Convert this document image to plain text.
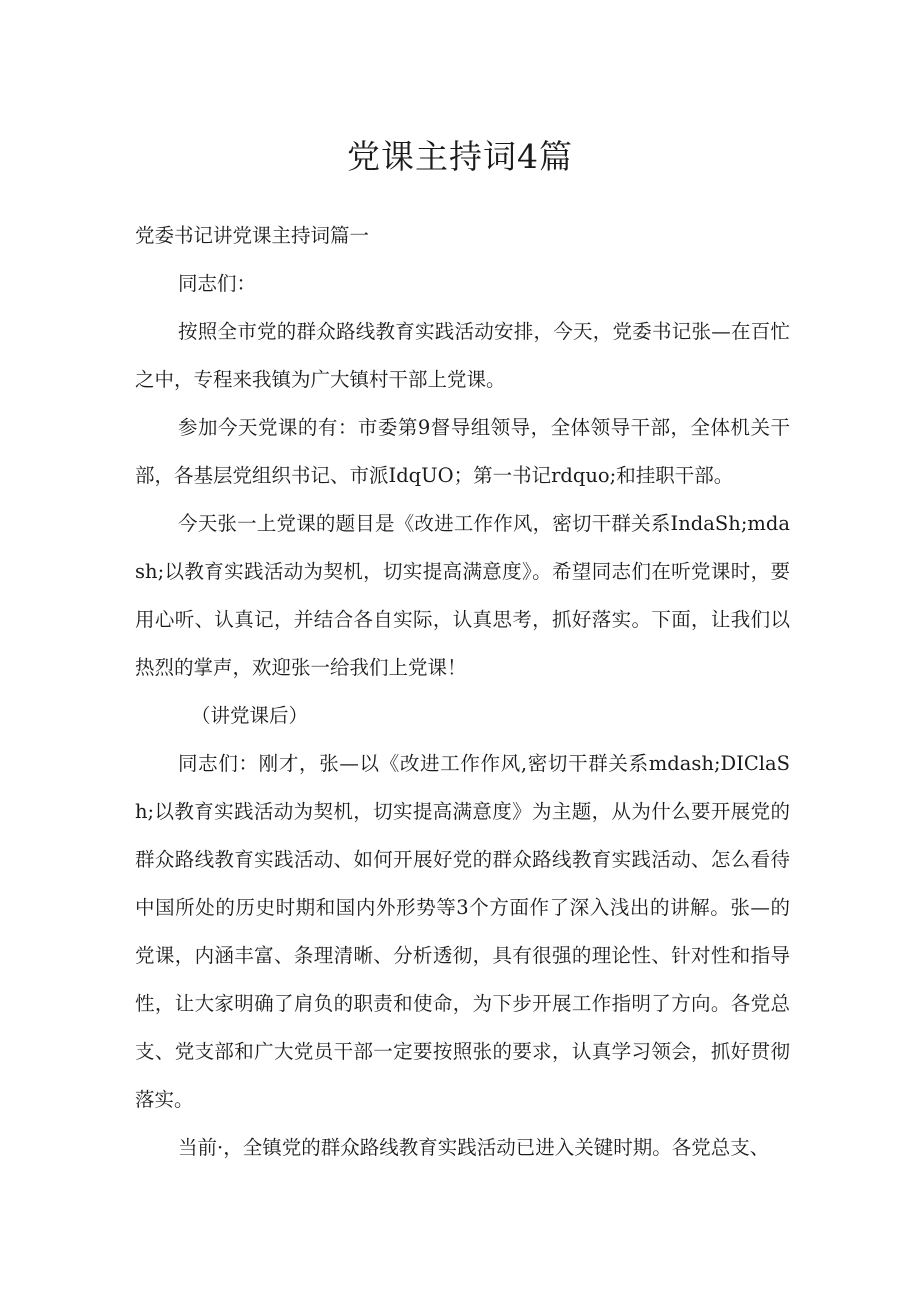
党课主持词4篇

党委书记讲党课主持词篇一

同志们：

按照全市党的群众路线教育实践活动安排，今天，党委书记张—在百忙之中，专程来我镇为广大镇村干部上党课。

参加今天党课的有：市委第9督导组领导，全体领导干部，全体机关干部，各基层党组织书记、市派IdqUO；第一书记rdquo;和挂职干部。

今天张一上党课的题目是《改进工作作风，密切干群关系IndaSh;mdash;以教育实践活动为契机，切实提高满意度》。希望同志们在听党课时，要用心听、认真记，并结合各自实际，认真思考，抓好落实。下面，让我们以热烈的掌声，欢迎张一给我们上党课！

（讲党课后）

同志们：刚才，张—以《改进工作作风,密切干群关系mdash;DIClaSh;以教育实践活动为契机，切实提高满意度》为主题，从为什么要开展党的群众路线教育实践活动、如何开展好党的群众路线教育实践活动、怎么看待中国所处的历史时期和国内外形势等3个方面作了深入浅出的讲解。张—的党课，内涵丰富、条理清晰、分析透彻，具有很强的理论性、针对性和指导性，让大家明确了肩负的职责和使命，为下步开展工作指明了方向。各党总支、党支部和广大党员干部一定要按照张的要求，认真学习领会，抓好贯彻落实。

当前·，全镇党的群众路线教育实践活动已进入关键时期。各党总支、
